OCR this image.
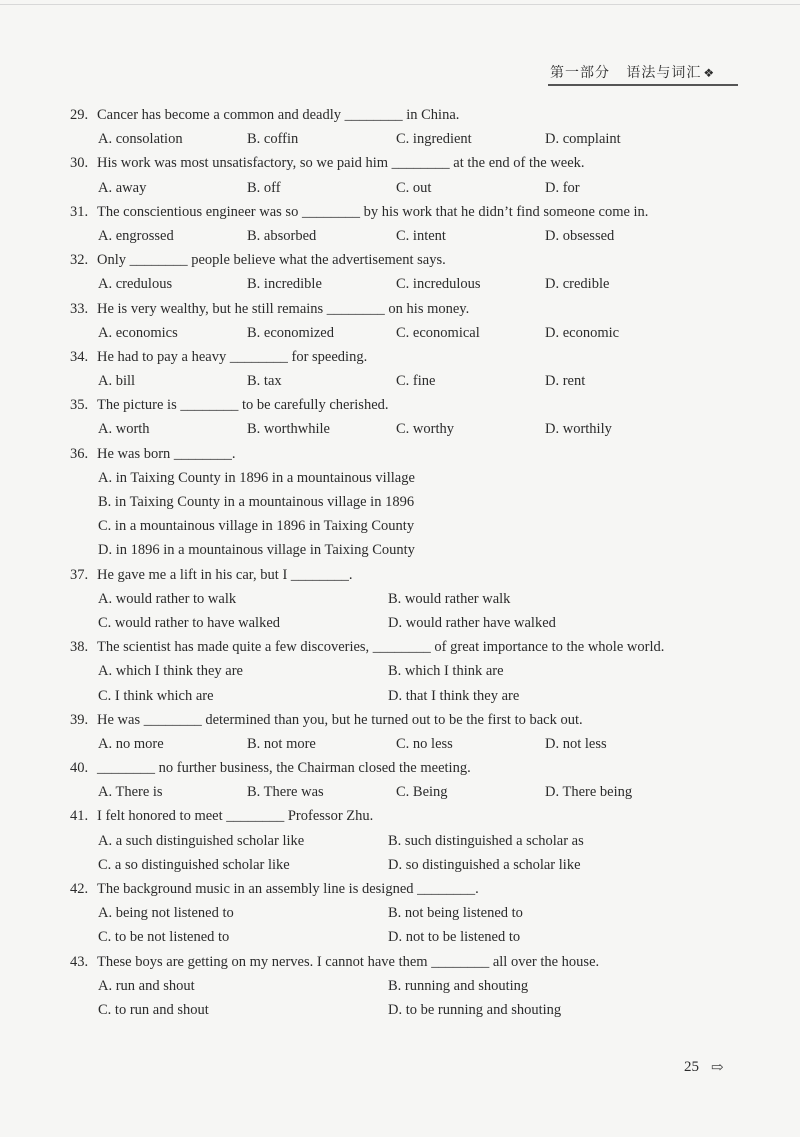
第一部分 语法与词汇 ❖
29. Cancer has become a common and deadly ________ in China.
A. consolation	B. coffin	C. ingredient	D. complaint
30. His work was most unsatisfactory, so we paid him ________ at the end of the week.
A. away	B. off	C. out	D. for
31. The conscientious engineer was so ________ by his work that he didn’t find someone come in.
A. engrossed	B. absorbed	C. intent	D. obsessed
32. Only ________ people believe what the advertisement says.
A. credulous	B. incredible	C. incredulous	D. credible
33. He is very wealthy, but he still remains ________ on his money.
A. economics	B. economized	C. economical	D. economic
34. He had to pay a heavy ________ for speeding.
A. bill	B. tax	C. fine	D. rent
35. The picture is ________ to be carefully cherished.
A. worth	B. worthwhile	C. worthy	D. worthily
36. He was born ________.
A. in Taixing County in 1896 in a mountainous village
B. in Taixing County in a mountainous village in 1896
C. in a mountainous village in 1896 in Taixing County
D. in 1896 in a mountainous village in Taixing County
37. He gave me a lift in his car, but I ________.
A. would rather to walk	B. would rather walk
C. would rather to have walked	D. would rather have walked
38. The scientist has made quite a few discoveries, ________ of great importance to the whole world.
A. which I think they are	B. which I think are
C. I think which are	D. that I think they are
39. He was ________ determined than you, but he turned out to be the first to back out.
A. no more	B. not more	C. no less	D. not less
40. ________ no further business, the Chairman closed the meeting.
A. There is	B. There was	C. Being	D. There being
41. I felt honored to meet ________ Professor Zhu.
A. a such distinguished scholar like	B. such distinguished a scholar as
C. a so distinguished scholar like	D. so distinguished a scholar like
42. The background music in an assembly line is designed ________.
A. being not listened to	B. not being listened to
C. to be not listened to	D. not to be listened to
43. These boys are getting on my nerves. I cannot have them ________ all over the house.
A. run and shout	B. running and shouting
C. to run and shout	D. to be running and shouting
25 ⇨
